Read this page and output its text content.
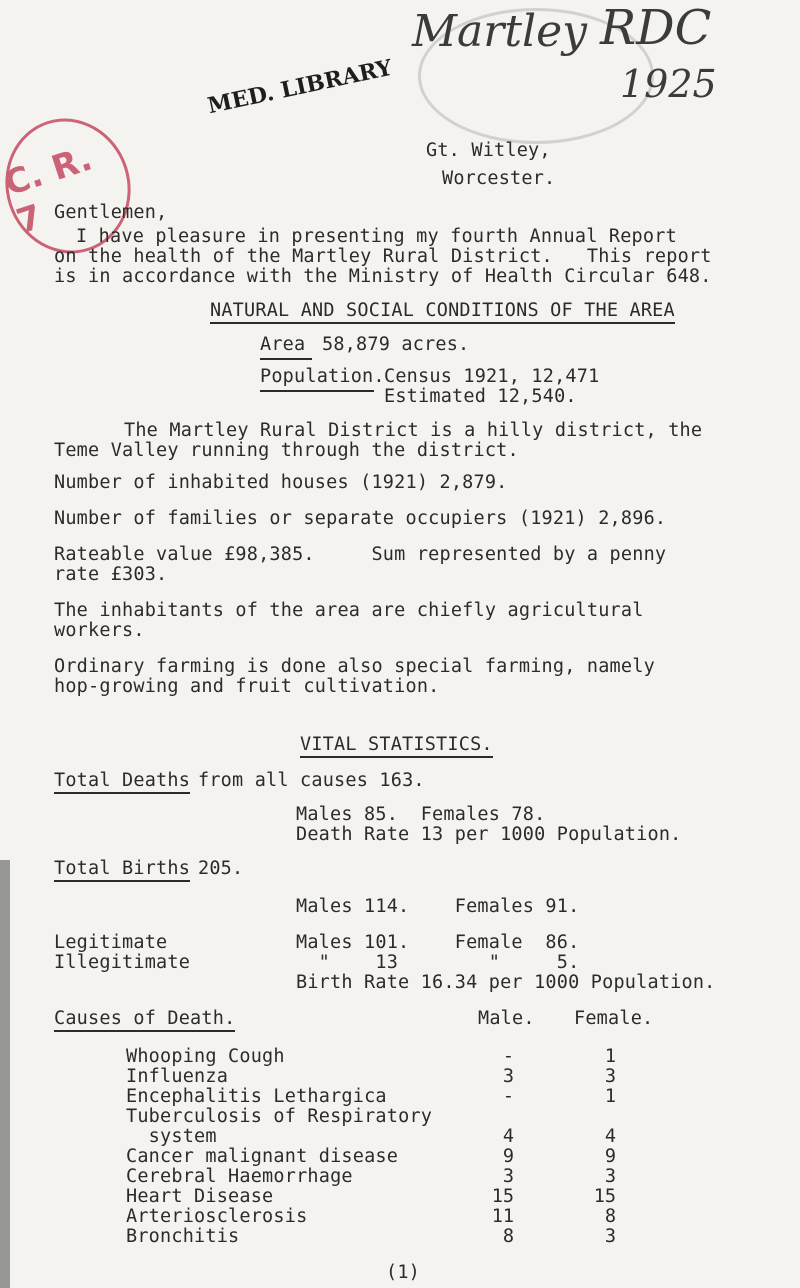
C. R. 7
Martley RDC
1925
MED. LIBRARY
Gt. Witley,
Worcester.
Gentlemen,
I have pleasure in presenting my fourth Annual Report
on the health of the Martley Rural District.   This report
is in accordance with the Ministry of Health Circular 648.
NATURAL AND SOCIAL CONDITIONS OF THE AREA
Area 58,879 acres.
Population. Census 1921, 12,471
Estimated 12,540.
The Martley Rural District is a hilly district, the
Teme Valley running through the district.
Number of inhabited houses (1921) 2,879.
Number of families or separate occupiers (1921) 2,896.
Rateable value £98,385.     Sum represented by a penny
rate £303.
The inhabitants of the area are chiefly agricultural
workers.
Ordinary farming is done also special farming, namely
hop-growing and fruit cultivation.
VITAL STATISTICS.
Total Deaths from all causes 163.
Males 85.  Females 78.
Death Rate 13 per 1000 Population.
Total Births 205.
Males 114.    Females 91.
Legitimate	Males 101.    Female  86.
Illegitimate	"    13        "     5.
Birth Rate 16.34 per 1000 Population.
Causes of Death.	Male. Female.
Whooping Cough	-	1
Influenza	3	3
Encephalitis Lethargica	-	1
Tuberculosis of Respiratory
system	4	4
Cancer malignant disease	9	9
Cerebral Haemorrhage	3	3
Heart Disease	15	15
Arteriosclerosis	11	8
Bronchitis	8	3
(1)
